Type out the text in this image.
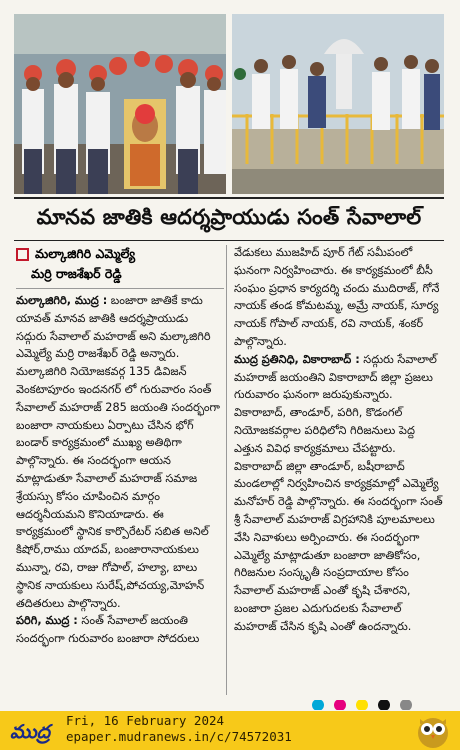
మానవ జాతికి ఆదర్శప్రాయుడు సంత్ సేవాలాల్
మల్కాజిగిరి ఎమ్మెల్యే
మర్రి రాజశేఖర్ రెడ్డి

మల్కాజిగిరి, ముద్ర : బంజారా జాతికే కాదు యావత్ మానవ జాతికి ఆదర్శప్రాయుడు సద్గురు సేవాలాల్ మహరాజ్ అని మల్కాజిగిరి ఎమ్మెల్యే మర్రి రాజశేఖర్ రెడ్డి అన్నారు. మల్కాజిగిరి నియోజకవర్గ 135 డివిజన్ వెంకటాపూరం ఇందనగర్ లో గురువారం సంత్ సేవాలాల్ మహరాజ్ 285 జయంతి సందర్భంగా బంజారా నాయకులు ఏర్పాటు చేసిన భోగ్ బండార్ కార్యక్రమంలో ముఖ్య అతిథిగా పాల్గొన్నారు. ఈ సందర్భంగా ఆయన మాట్లాడుతూ సేవాలాల్ మహరాజ్ సమాజ శ్రేయస్సు కోసం చూపించిన మార్గం ఆదర్శనీయమని కొనియాడారు. ఈ కార్యక్రమంలో స్థానిక కార్పొరేటర్ సబిత అనిల్ కిషోర్,రాము యాదవ్, బంజారానాయకులు మున్నా, రవి, రాజు గోపాల్, హల్యా, బాలు స్థానిక నాయకులు సురేష్,పోచయ్య,మోహన్ తదితరులు పాల్గొన్నారు.

పరిగి, ముద్ర : సంత్ సేవాలాల్ జయంతి సందర్భంగా గురువారం బంజారా సోదరులు

వేడుకలు ముజహిద్ పూర్ గేట్ సమీపంలో ఘనంగా నిర్వహించారు. ఈ కార్యక్రమంలో బీసీ సంఘం ప్రధాన కార్యదర్శి చందు ముదిరాజ్, గోనే నాయక్ తండ కోమటమ్మ, అమ్రే నాయక్, సూర్య నాయక్ గోపాల్ నాయక్, రవి నాయక్, శంకర్ పాల్గొన్నారు.

ముద్ర ప్రతినిధి, వికారాబాద్ : సద్గురు సేవాలాల్ మహరాజ్ జయంతిని వికారాబాద్ జిల్లా ప్రజలు గురువారం ఘనంగా జరుపుకున్నారు. వికారాబాద్, తాండూర్, పరిగి, కొడంగల్ నియోజకవర్గాల పరిధిలోని గిరిజనులు పెద్ద ఎత్తున వివిధ కార్యక్రమాలు చేపట్టారు. వికారాబాద్ జిల్లా తాండూర్, బషీరాబాద్ మండలాల్లో నిర్వహించిన కార్యక్రమాల్లో ఎమ్మెల్యే మనోహర్ రెడ్డి పాల్గొన్నారు. ఈ సందర్భంగా సంత్ శ్రీ సేవాలాల్ మహరాజ్ విగ్రహానికి పూలమాలలు వేసి నివాళులు అర్పించారు. ఈ సందర్భంగా ఎమ్మెల్యే మాట్లాడుతూ బంజారా జాతికోసం, గిరిజనుల సంస్కృతీ సంప్రదాయాల కోసం సేవాలాల్ మహరాజ్ ఎంతో కృషి చేశారని, బంజారా ప్రజల ఎదుగుదలకు సేవాలాల్ మహరాజ్ చేసిన కృషి ఎంతో ఉందన్నారు.

ముద్ర
Fri, 16 February 2024
epaper.mudranews.in/c/74572031
